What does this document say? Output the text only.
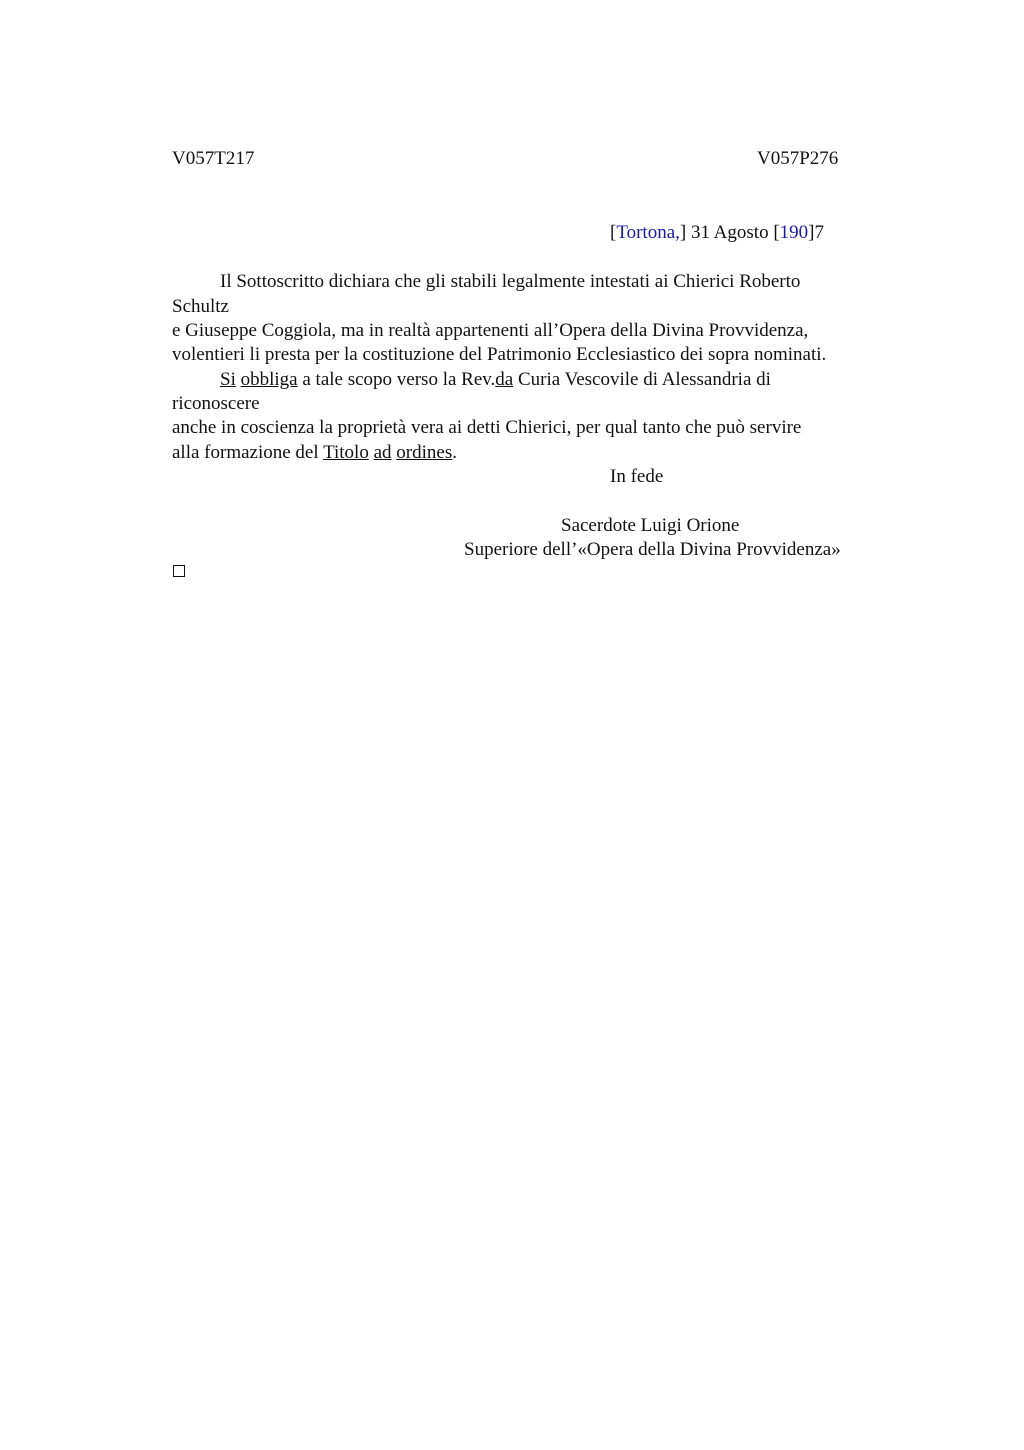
V057T217	V057P276
[Tortona,] 31 Agosto [190]7
Il Sottoscritto dichiara che gli stabili legalmente intestati ai Chierici Roberto
Schultz
e Giuseppe Coggiola, ma in realtà appartenenti all’Opera della Divina Provvidenza,
volentieri li presta per la costituzione del Patrimonio Ecclesiastico dei sopra nominati.
Si obbliga a tale scopo verso la Rev.da Curia Vescovile di Alessandria di
riconoscere
anche in coscienza la proprietà vera ai detti Chierici, per qual tanto che può servire
alla formazione del Titolo ad ordines.
In fede
Sacerdote Luigi Orione
Superiore dell’«Opera della Divina Provvidenza»
